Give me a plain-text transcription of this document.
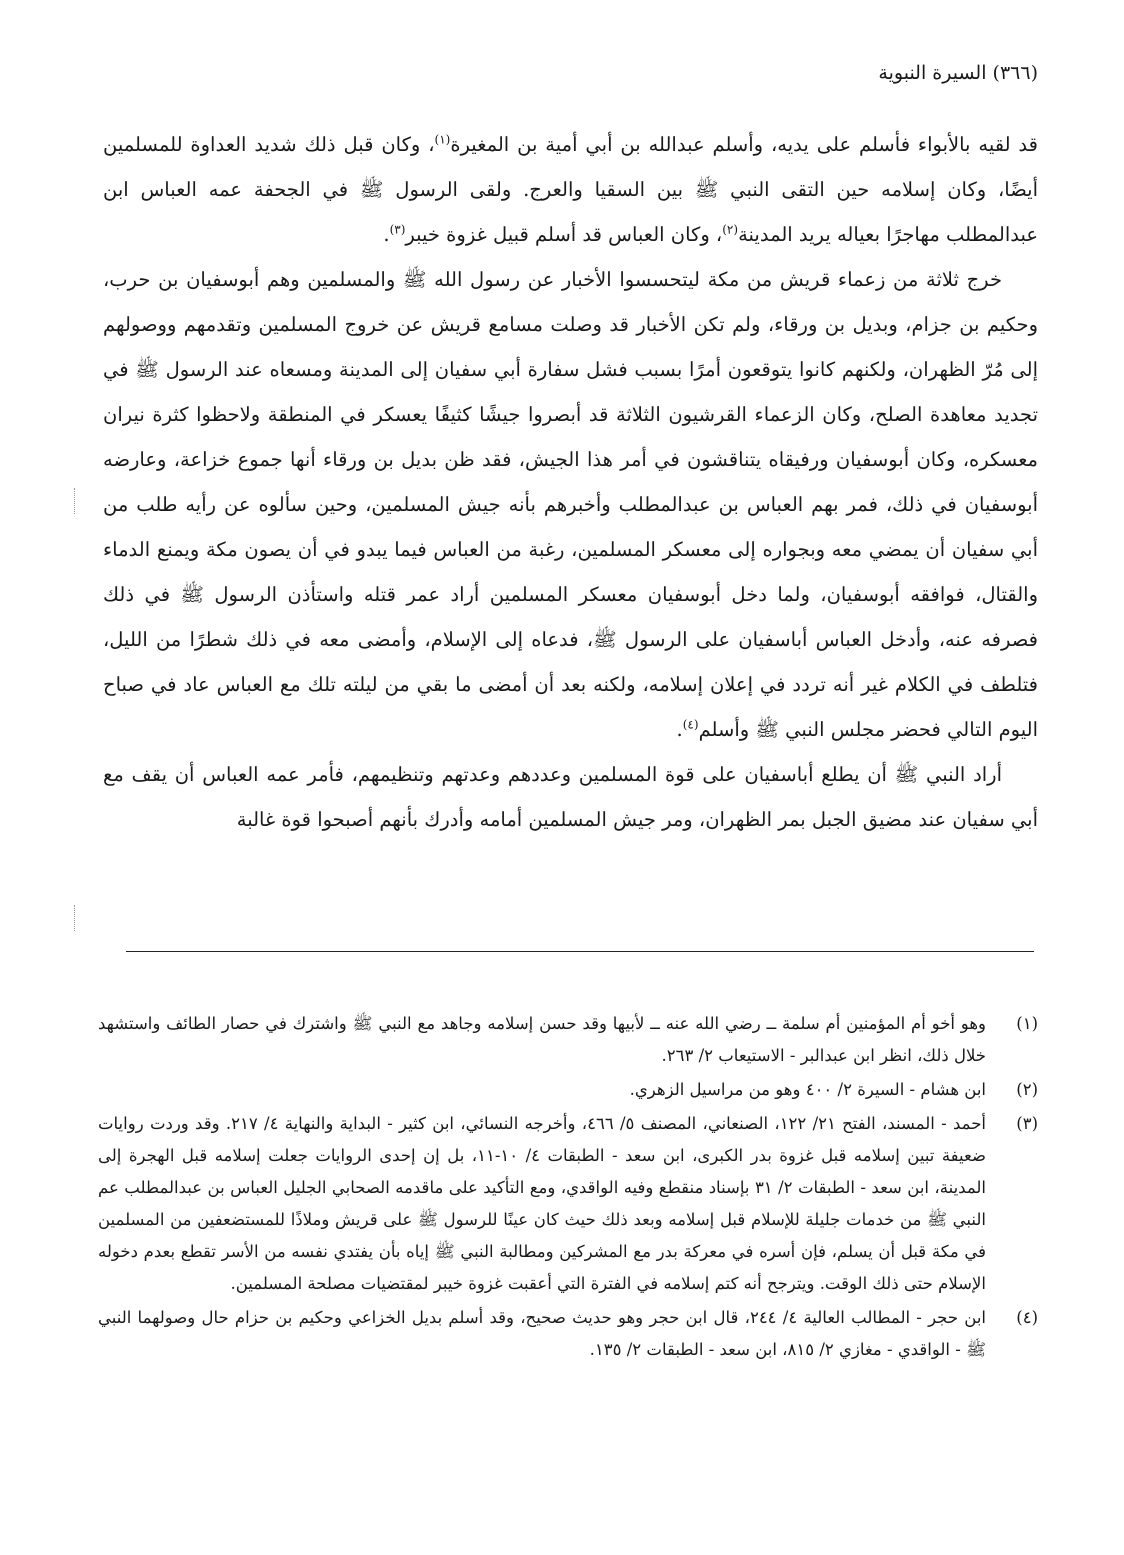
(٣٦٦) السيرة النبوية

قد لقيه بالأبواء فأسلم على يديه، وأسلم عبدالله بن أبي أمية بن المغيرة$^{(١)}$، وكان قبل ذلك شديد العداوة للمسلمين أيضًا، وكان إسلامه حين التقى النبي ﷺ بين السقيا والعرج. ولقى الرسول ﷺ في الجحفة عمه العباس ابن عبدالمطلب مهاجرًا بعياله يريد المدينة$^{(٢)}$، وكان العباس قد أسلم قبيل غزوة خيبر$^{(٣)}$.

خرج ثلاثة من زعماء قريش من مكة ليتحسسوا الأخبار عن رسول الله ﷺ والمسلمين وهم أبوسفيان بن حرب، وحكيم بن جزام، وبديل بن ورقاء، ولم تكن الأخبار قد وصلت مسامع قريش عن خروج المسلمين وتقدمهم ووصولهم إلى مُرّ الظهران، ولكنهم كانوا يتوقعون أمرًا بسبب فشل سفارة أبي سفيان إلى المدينة ومسعاه عند الرسول ﷺ في تجديد معاهدة الصلح، وكان الزعماء القرشيون الثلاثة قد أبصروا جيشًا كثيفًا يعسكر في المنطقة ولاحظوا كثرة نيران معسكره، وكان أبوسفيان ورفيقاه يتناقشون في أمر هذا الجيش، فقد ظن بديل بن ورقاء أنها جموع خزاعة، وعارضه أبوسفيان في ذلك، فمر بهم العباس بن عبدالمطلب وأخبرهم بأنه جيش المسلمين، وحين سألوه عن رأيه طلب من أبي سفيان أن يمضي معه وبجواره إلى معسكر المسلمين، رغبة من العباس فيما يبدو في أن يصون مكة ويمنع الدماء والقتال، فوافقه أبوسفيان، ولما دخل أبوسفيان معسكر المسلمين أراد عمر قتله واستأذن الرسول ﷺ في ذلك فصرفه عنه، وأدخل العباس أباسفيان على الرسول ﷺ، فدعاه إلى الإسلام، وأمضى معه في ذلك شطرًا من الليل، فتلطف في الكلام غير أنه تردد في إعلان إسلامه، ولكنه بعد أن أمضى ما بقي من ليلته تلك مع العباس عاد في صباح اليوم التالي فحضر مجلس النبي ﷺ وأسلم$^{(٤)}$.

أراد النبي ﷺ أن يطلع أباسفيان على قوة المسلمين وعددهم وعدتهم وتنظيمهم، فأمر عمه العباس أن يقف مع أبي سفيان عند مضيق الجبل بمر الظهران، ومر جيش المسلمين أمامه وأدرك بأنهم أصبحوا قوة غالبة

(١)
وهو أخو أم المؤمنين أم سلمة ــ رضي الله عنه ــ لأبيها وقد حسن إسلامه وجاهد مع النبي ﷺ واشترك في حصار الطائف واستشهد خلال ذلك، انظر ابن عبدالبر - الاستيعاب ٢/ ٢٦٣.
(٢)
ابن هشام - السيرة ٢/ ٤٠٠ وهو من مراسيل الزهري.
(٣)
أحمد - المسند، الفتح ٢١/ ١٢٢، الصنعاني، المصنف ٥/ ٤٦٦، وأخرجه النسائي، ابن كثير - البداية والنهاية ٤/ ٢١٧. وقد وردت روايات ضعيفة تبين إسلامه قبل غزوة بدر الكبرى، ابن سعد - الطبقات ٤/ ١٠-١١، بل إن إحدى الروايات جعلت إسلامه قبل الهجرة إلى المدينة، ابن سعد - الطبقات ٢/ ٣١ بإسناد منقطع وفيه الواقدي، ومع التأكيد على ماقدمه الصحابي الجليل العباس بن عبدالمطلب عم النبي ﷺ من خدمات جليلة للإسلام قبل إسلامه وبعد ذلك حيث كان عينًا للرسول ﷺ على قريش وملاذًا للمستضعفين من المسلمين في مكة قبل أن يسلم، فإن أسره في معركة بدر مع المشركين ومطالبة النبي ﷺ إياه بأن يفتدي نفسه من الأسر تقطع بعدم دخوله الإسلام حتى ذلك الوقت. ويترجح أنه كتم إسلامه في الفترة التي أعقبت غزوة خيبر لمقتضيات مصلحة المسلمين.
(٤)
ابن حجر - المطالب العالية ٤/ ٢٤٤، قال ابن حجر وهو حديث صحيح، وقد أسلم بديل الخزاعي وحكيم بن حزام حال وصولهما النبي ﷺ - الواقدي - مغازي ٢/ ٨١٥، ابن سعد - الطبقات ٢/ ١٣٥.
